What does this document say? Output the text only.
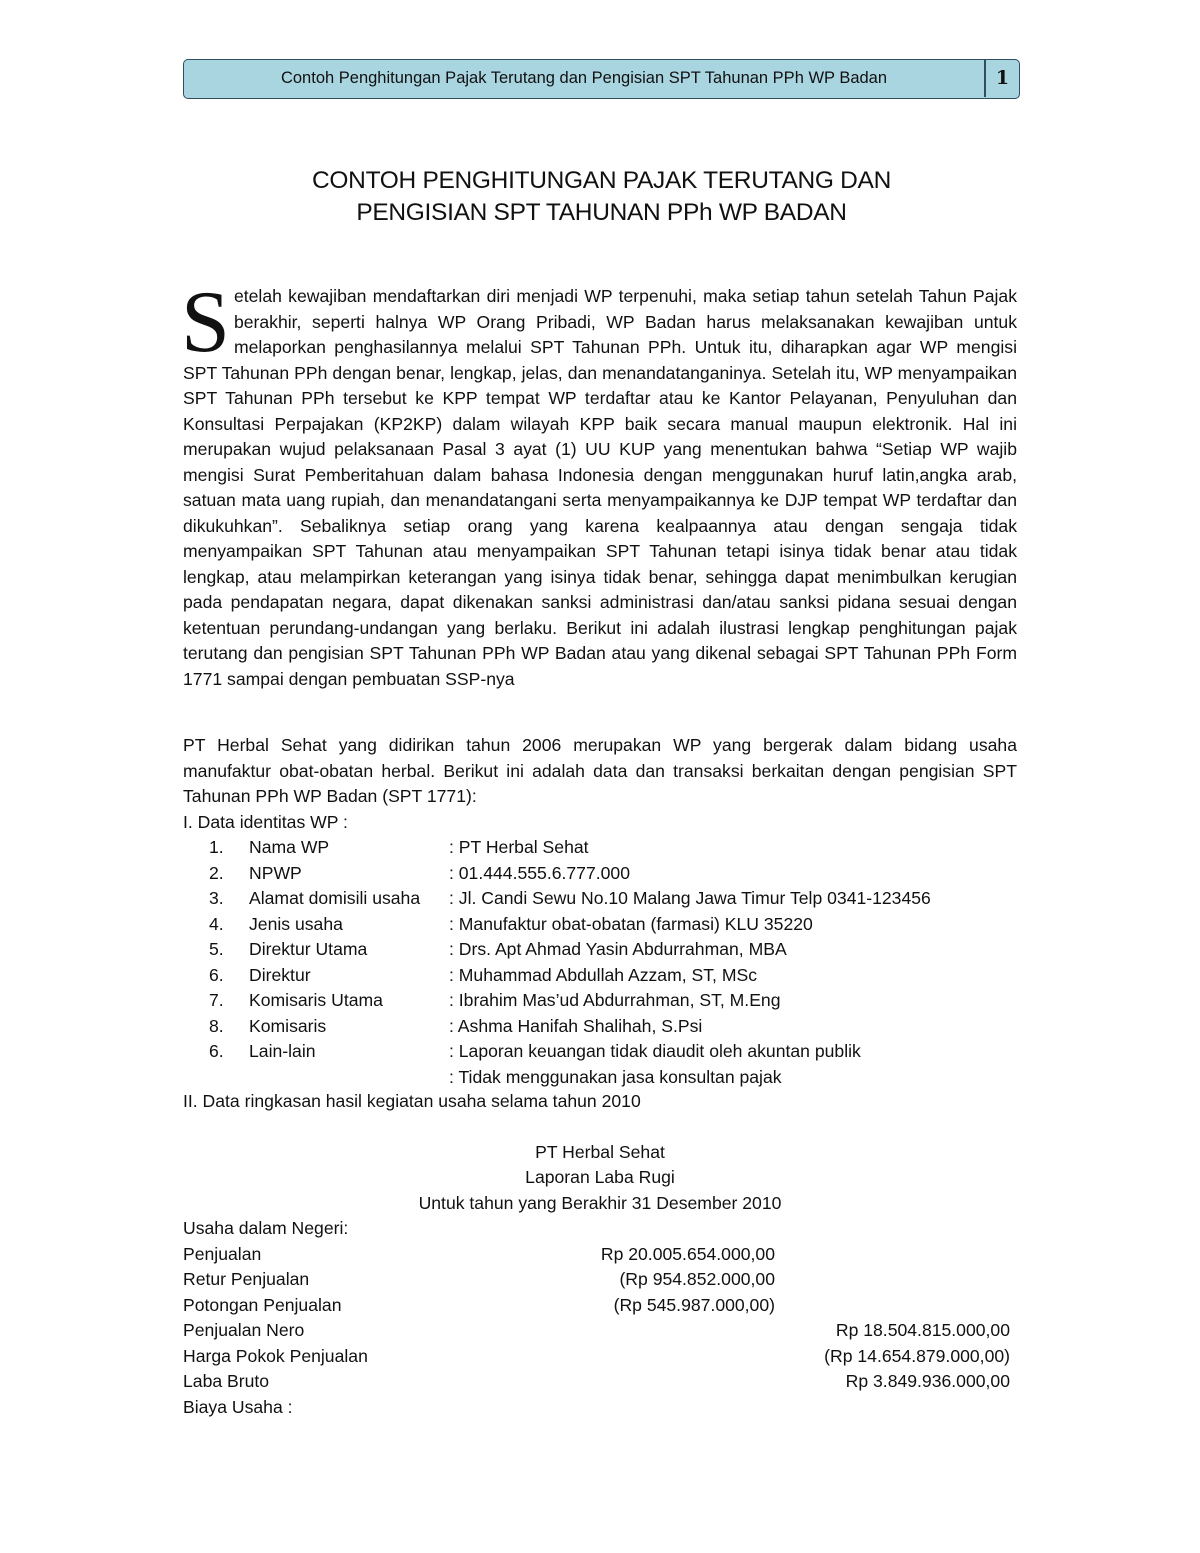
Contoh Penghitungan Pajak Terutang dan Pengisian SPT Tahunan PPh WP Badan	1
CONTOH PENGHITUNGAN PAJAK TERUTANG DAN
PENGISIAN SPT TAHUNAN PPh WP BADAN

Setelah kewajiban mendaftarkan diri menjadi WP terpenuhi, maka setiap tahun setelah Tahun Pajak berakhir, seperti halnya WP Orang Pribadi, WP Badan harus melaksanakan kewajiban untuk melaporkan penghasilannya melalui SPT Tahunan PPh. Untuk itu, diharapkan agar WP mengisi SPT Tahunan PPh dengan benar, lengkap, jelas, dan menandatanganinya. Setelah itu, WP menyampaikan SPT Tahunan PPh tersebut ke KPP tempat WP terdaftar atau ke Kantor Pelayanan, Penyuluhan dan Konsultasi Perpajakan (KP2KP) dalam wilayah KPP baik secara manual maupun elektronik. Hal ini merupakan wujud pelaksanaan Pasal 3 ayat (1) UU KUP yang menentukan bahwa “Setiap WP wajib mengisi Surat Pemberitahuan dalam bahasa Indonesia dengan menggunakan huruf latin,angka arab, satuan mata uang rupiah, dan menandatangani serta menyampaikannya ke DJP tempat WP terdaftar dan dikukuhkan”. Sebaliknya setiap orang yang karena kealpaannya atau dengan sengaja tidak menyampaikan SPT Tahunan atau menyampaikan SPT Tahunan tetapi isinya tidak benar atau tidak lengkap, atau melampirkan keterangan yang isinya tidak benar, sehingga dapat menimbulkan kerugian pada pendapatan negara, dapat dikenakan sanksi administrasi dan/atau sanksi pidana sesuai dengan ketentuan perundang-undangan yang berlaku. Berikut ini adalah ilustrasi lengkap penghitungan pajak terutang dan pengisian SPT Tahunan PPh WP Badan atau yang dikenal sebagai SPT Tahunan PPh Form 1771 sampai dengan pembuatan SSP-nya

PT Herbal Sehat yang didirikan tahun 2006 merupakan WP yang bergerak dalam bidang usaha manufaktur obat-obatan herbal. Berikut ini adalah data dan transaksi berkaitan dengan pengisian SPT Tahunan PPh WP Badan (SPT 1771):

I. Data identitas WP :
1. Nama WP	: PT Herbal Sehat
2. NPWP	: 01.444.555.6.777.000
3. Alamat domisili usaha : Jl. Candi Sewu No.10 Malang Jawa Timur Telp 0341-123456
4. Jenis usaha	: Manufaktur obat-obatan (farmasi) KLU 35220
5. Direktur Utama	: Drs. Apt Ahmad Yasin Abdurrahman, MBA
6. Direktur	: Muhammad Abdullah Azzam, ST, MSc
7. Komisaris Utama	: Ibrahim Mas’ud Abdurrahman, ST, M.Eng
8. Komisaris	: Ashma Hanifah Shalihah, S.Psi
6. Lain-lain	: Laporan keuangan tidak diaudit oleh akuntan publik
: Tidak menggunakan jasa konsultan pajak
II. Data ringkasan hasil kegiatan usaha selama tahun 2010
PT Herbal Sehat
Laporan Laba Rugi
Untuk tahun yang Berakhir 31 Desember 2010
Usaha dalam Negeri:
Penjualan	Rp 20.005.654.000,00
Retur Penjualan	(Rp 954.852.000,00
Potongan Penjualan	(Rp 545.987.000,00)
Penjualan Nero	Rp 18.504.815.000,00
Harga Pokok Penjualan	(Rp 14.654.879.000,00)
Laba Bruto	Rp 3.849.936.000,00
Biaya Usaha :
